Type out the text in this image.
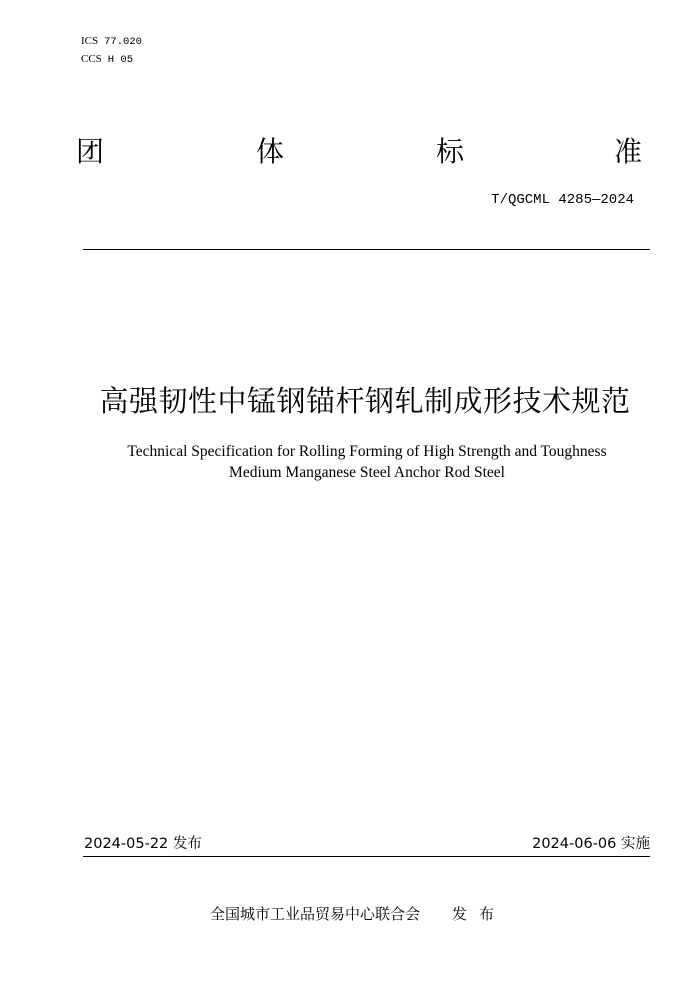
ICS 77.020
CCS H 05
团	体	标	准
T/QGCML 4285—2024
高强韧性中锰钢锚杆钢轧制成形技术规范
Technical Specification for Rolling Forming of High Strength and Toughness
Medium Manganese Steel Anchor Rod Steel
2024-05-22 发布	2024-06-06 实施
全国城市工业品贸易中心联合会 发布
